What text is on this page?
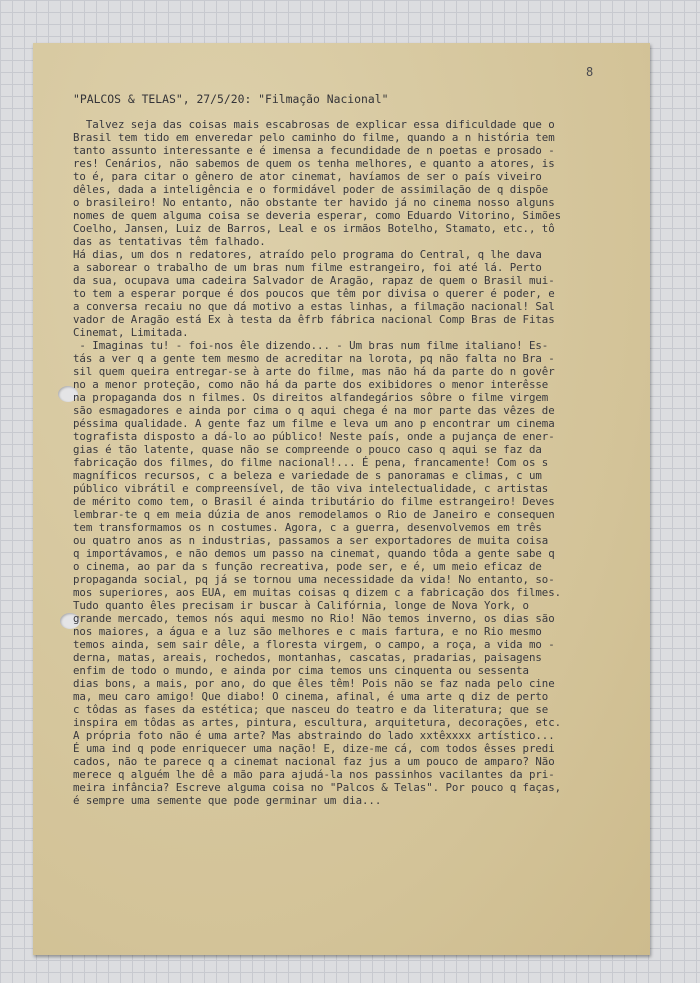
8
"PALCOS & TELAS", 27/5/20: "Filmação Nacional"
Talvez seja das coisas mais escabrosas de explicar essa dificuldade que o
Brasil tem tido em enveredar pelo caminho do filme, quando a n história tem
tanto assunto interessante e é imensa a fecundidade de n poetas e prosado -
res! Cenários, não sabemos de quem os tenha melhores, e quanto a atores, is
to é, para citar o gênero de ator cinemat, havíamos de ser o país viveiro
dêles, dada a inteligência e o formidável poder de assimilação de q dispõe
o brasileiro! No entanto, não obstante ter havido já no cinema nosso alguns
nomes de quem alguma coisa se deveria esperar, como Eduardo Vitorino, Simões
Coelho, Jansen, Luiz de Barros, Leal e os irmãos Botelho, Stamato, etc., tô
das as tentativas têm falhado.
Há dias, um dos n redatores, atraído pelo programa do Central, q lhe dava
a saborear o trabalho de um bras num filme estrangeiro, foi até lá. Perto
da sua, ocupava uma cadeira Salvador de Aragão, rapaz de quem o Brasil mui-
to tem a esperar porque é dos poucos que têm por divisa o querer é poder, e
a conversa recaiu no que dá motivo a estas linhas, a filmação nacional! Sal
vador de Aragão está Ex à testa da êfrb fábrica nacional Comp Bras de Fitas
Cinemat, Limitada.
- Imaginas tu! - foi-nos êle dizendo... - Um bras num filme italiano! Es-
tás a ver q a gente tem mesmo de acreditar na lorota, pq não falta no Bra -
sil quem queira entregar-se à arte do filme, mas não há da parte do n govêr
no a menor proteção, como não há da parte dos exibidores o menor interêsse
na propaganda dos n filmes. Os direitos alfandegários sôbre o filme virgem
são esmagadores e ainda por cima o q aqui chega é na mor parte das vêzes de
péssima qualidade. A gente faz um filme e leva um ano p encontrar um cinema
tografista disposto a dá-lo ao público! Neste país, onde a pujança de ener-
gias é tão latente, quase não se compreende o pouco caso q aqui se faz da
fabricação dos filmes, do filme nacional!... É pena, francamente! Com os s
magníficos recursos, c a beleza e variedade de s panoramas e climas, c um
público vibrátil e compreensível, de tão viva intelectualidade, c artistas
de mérito como tem, o Brasil é ainda tributário do filme estrangeiro! Deves
lembrar-te q em meia dúzia de anos remodelamos o Rio de Janeiro e consequen
tem transformamos os n costumes. Agora, c a guerra, desenvolvemos em três
ou quatro anos as n industrias, passamos a ser exportadores de muita coisa
q importávamos, e não demos um passo na cinemat, quando tôda a gente sabe q
o cinema, ao par da s função recreativa, pode ser, e é, um meio eficaz de
propaganda social, pq já se tornou uma necessidade da vida! No entanto, so-
mos superiores, aos EUA, em muitas coisas q dizem c a fabricação dos filmes.
Tudo quanto êles precisam ir buscar à Califórnia, longe de Nova York, o
grande mercado, temos nós aqui mesmo no Rio! Não temos inverno, os dias são
nos maiores, a água e a luz são melhores e c mais fartura, e no Rio mesmo
temos ainda, sem sair dêle, a floresta virgem, o campo, a roça, a vida mo -
derna, matas, areais, rochedos, montanhas, cascatas, pradarias, paisagens
enfim de todo o mundo, e ainda por cima temos uns cinquenta ou sessenta
dias bons, a mais, por ano, do que êles têm! Pois não se faz nada pelo cine
ma, meu caro amigo! Que diabo! O cinema, afinal, é uma arte q diz de perto
c tôdas as fases da estética; que nasceu do teatro e da literatura; que se
inspira em tôdas as artes, pintura, escultura, arquitetura, decorações, etc.
A própria foto não é uma arte? Mas abstraindo do lado xxtêxxxx artístico...
É uma ind q pode enriquecer uma nação! E, dize-me cá, com todos êsses predi
cados, não te parece q a cinemat nacional faz jus a um pouco de amparo? Não
merece q alguém lhe dê a mão para ajudá-la nos passinhos vacilantes da pri-
meira infância? Escreve alguma coisa no "Palcos & Telas". Por pouco q faças,
é sempre uma semente que pode germinar um dia...
